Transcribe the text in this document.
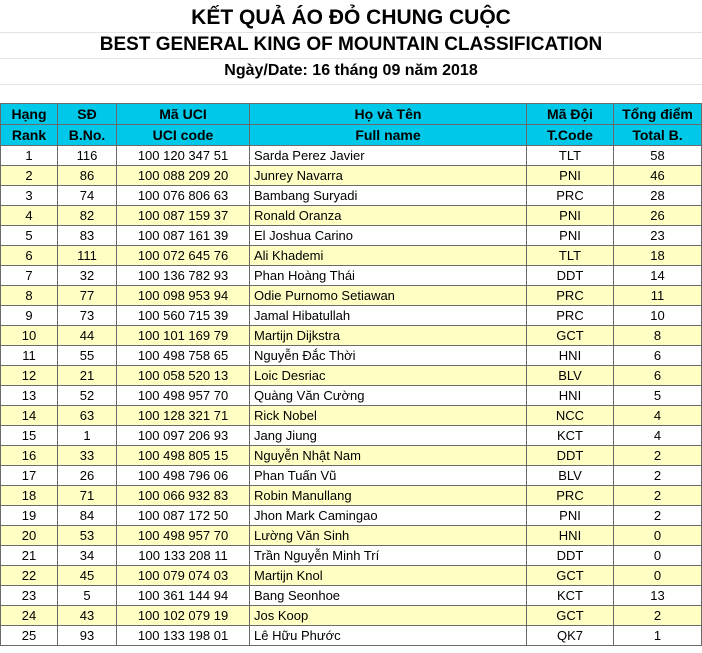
KẾT QUẢ ÁO ĐỎ CHUNG CUỘC
BEST GENERAL KING OF MOUNTAIN CLASSIFICATION
Ngày/Date: 16 tháng 09 năm 2018
Hạng	SĐ	Mã UCI	Họ và Tên	Mã Đội	Tổng điểm
Rank	B.No.	UCI code	Full name	T.Code	Total B.
1	116	100 120 347 51	Sarda Perez Javier	TLT	58
2	86	100 088 209 20	Junrey Navarra	PNI	46
3	74	100 076 806 63	Bambang Suryadi	PRC	28
4	82	100 087 159 37	Ronald Oranza	PNI	26
5	83	100 087 161 39	El Joshua Carino	PNI	23
6	111	100 072 645 76	Ali Khademi	TLT	18
7	32	100 136 782 93	Phan Hoàng Thái	DDT	14
8	77	100 098 953 94	Odie Purnomo Setiawan	PRC	11
9	73	100 560 715 39	Jamal Hibatullah	PRC	10
10	44	100 101 169 79	Martijn Dijkstra	GCT	8
11	55	100 498 758 65	Nguyễn Đắc Thời	HNI	6
12	21	100 058 520 13	Loic Desriac	BLV	6
13	52	100 498 957 70	Quàng Văn Cường	HNI	5
14	63	100 128 321 71	Rick Nobel	NCC	4
15	1	100 097 206 93	Jang Jiung	KCT	4
16	33	100 498 805 15	Nguyễn Nhật Nam	DDT	2
17	26	100 498 796 06	Phan Tuấn Vũ	BLV	2
18	71	100 066 932 83	Robin Manullang	PRC	2
19	84	100 087 172 50	Jhon Mark Camingao	PNI	2
20	53	100 498 957 70	Lường Văn Sinh	HNI	0
21	34	100 133 208 11	Trần Nguyễn Minh Trí	DDT	0
22	45	100 079 074 03	Martijn Knol	GCT	0
23	5	100 361 144 94	Bang Seonhoe	KCT	13
24	43	100 102 079 19	Jos Koop	GCT	2
25	93	100 133 198 01	Lê Hữu Phước	QK7	1
